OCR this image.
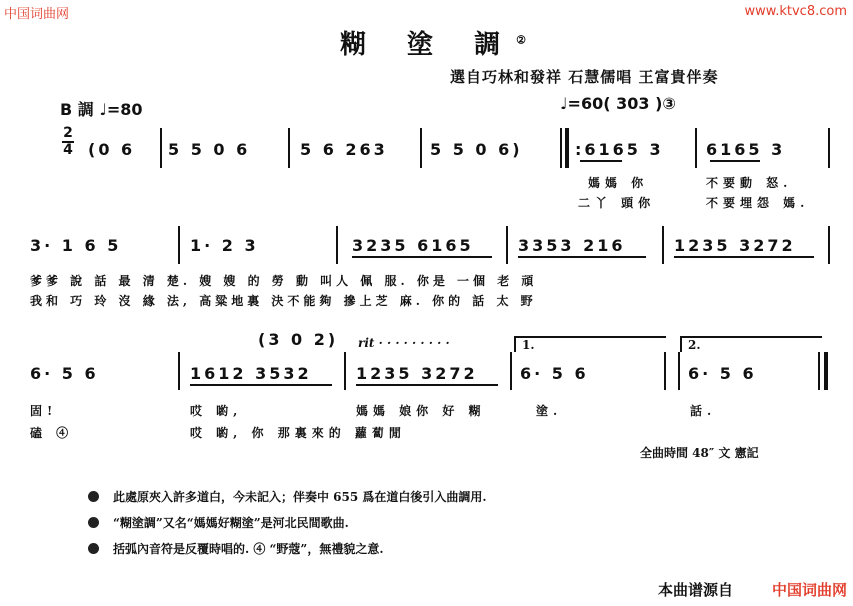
中国词曲网	www.ktvc8.com
糊 塗 調②
選自巧林和發祥 石慧儒唱 王富貴伴奏
B 調 ♩=80	♩=60( 303 )③
2
4 (0 6 5 5 0 6	5 6 263	5 5 0 6)	:6165 3	6165 3
媽媽 你	不要動 怒.
二丫 頭你	不要埋怨 媽.
3· 1 6 5	1· 2 3	3235 6165	3353 216	1235 3272
爹爹 說 話 最 清 楚. 嫂 嫂 的 勞 動 叫人 佩 服. 你是 一個 老 頑
我和 巧 玲 沒 緣 法, 高粱地裏 決不能夠 摻上芝 麻. 你的 話 太 野
(3 0 2) rit · · · · · · · · ·	1.	2.
6· 5 6	1612 3532	1235 3272	6· 5 6	6· 5 6
固!	哎 喲,	媽媽 娘你 好 糊	塗.	話.
磕 ④	哎 喲, 你 那裏來的 蘿蔔閒
全曲時間 48″ 文 憲記
此處原夾入許多道白，今未記入；伴奏中 655 爲在道白後引入曲調用.
“糊塗調”又名“媽媽好糊塗”是河北民間歌曲.
括弧內音符是反覆時唱的. ④ “野蔻”，無禮貌之意.
本曲谱源自	中国词曲网
